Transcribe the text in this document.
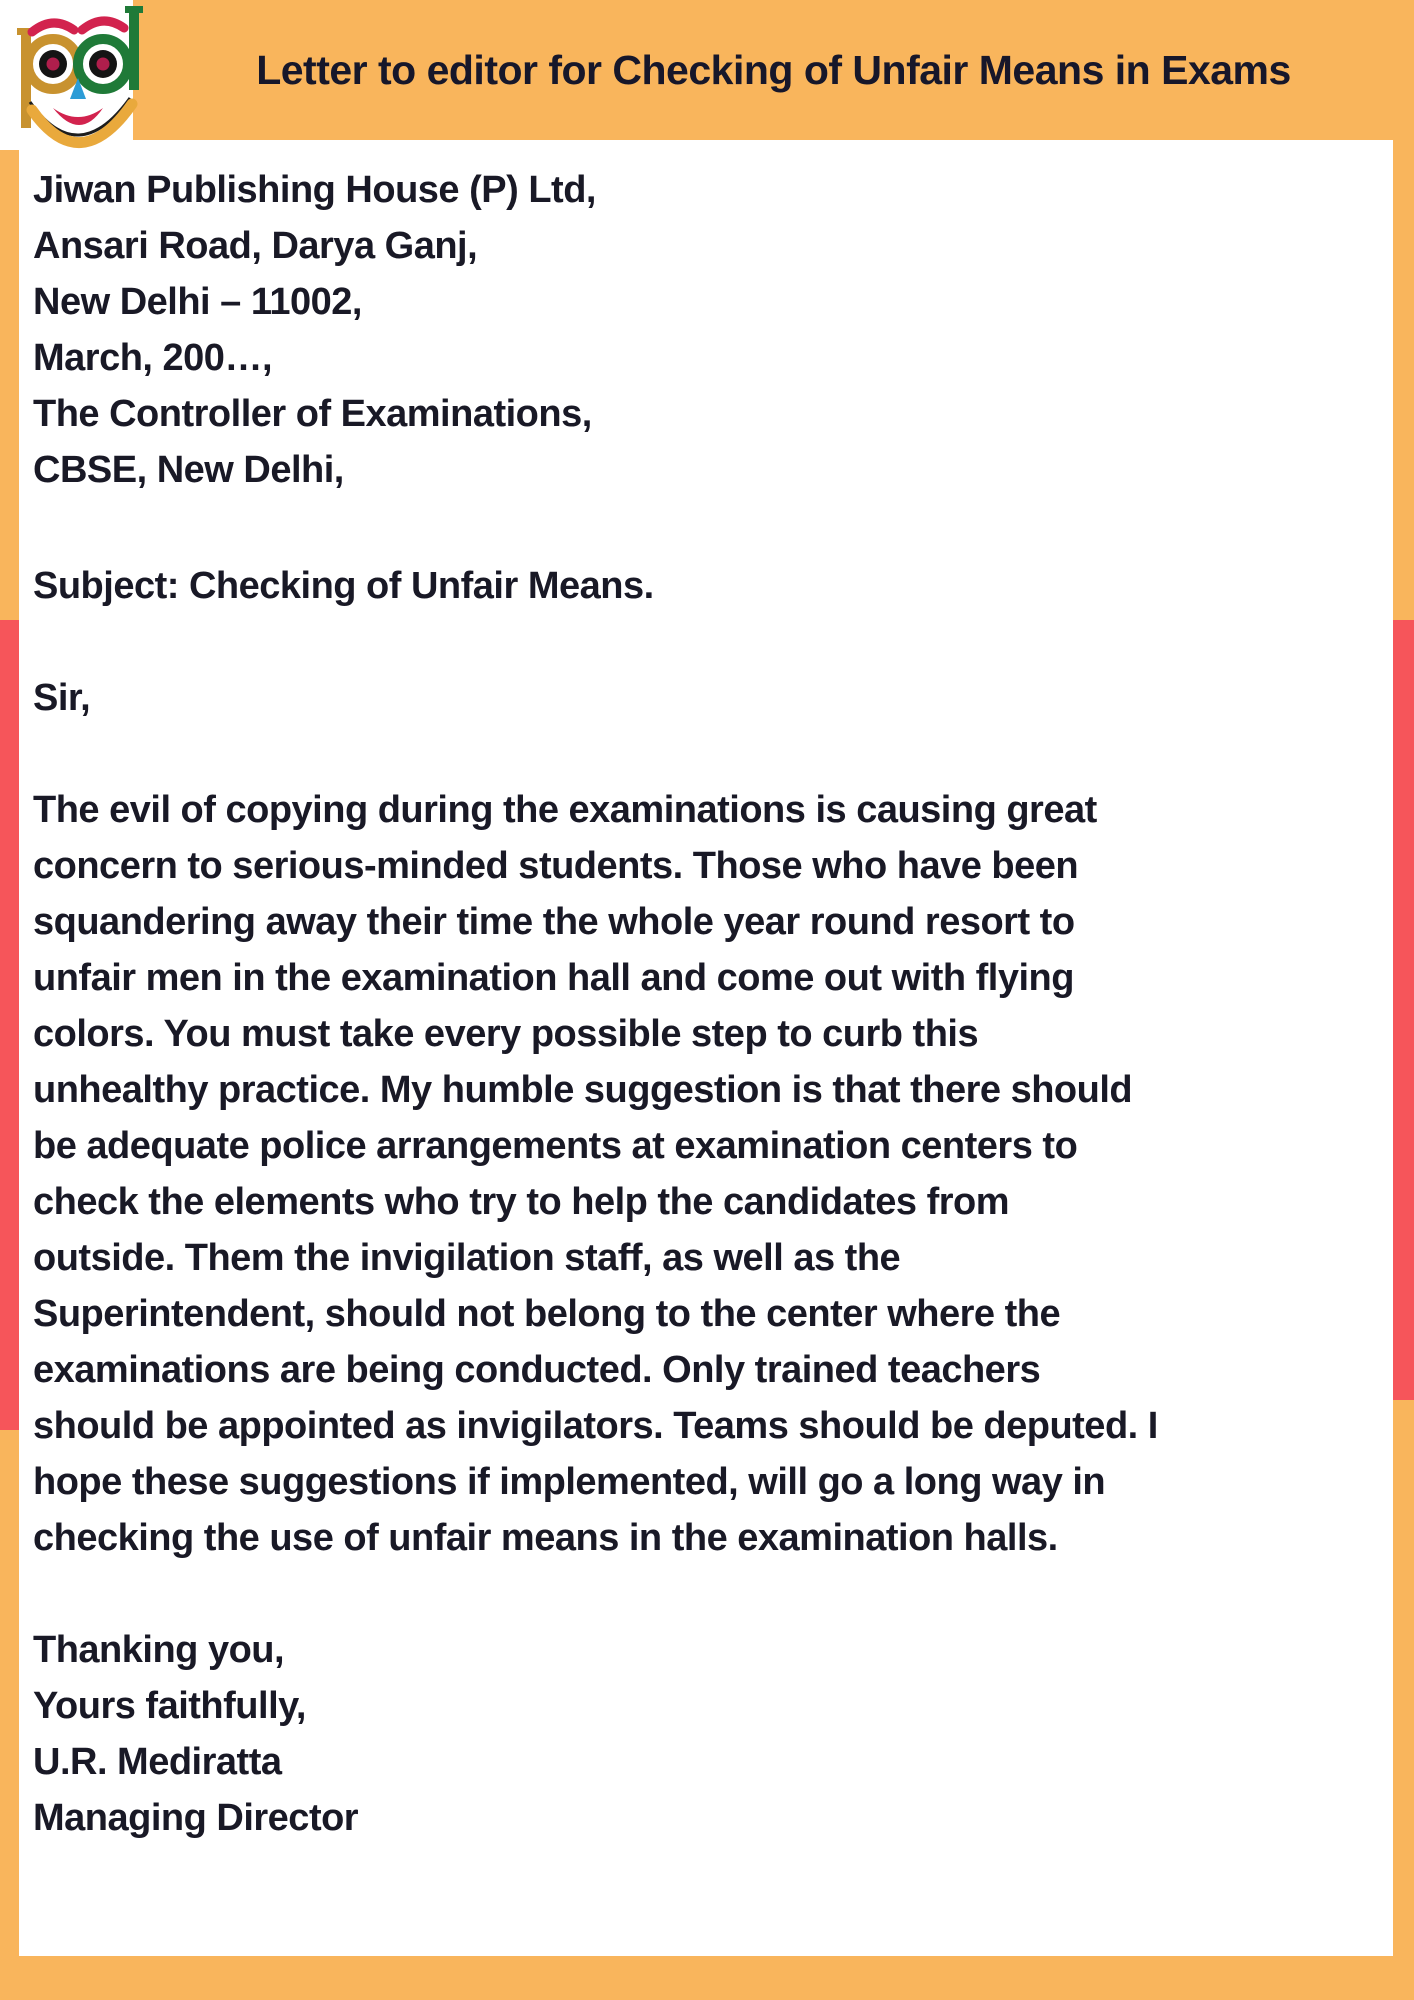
Letter to editor for Checking of Unfair Means in Exams
Jiwan Publishing House (P) Ltd,
Ansari Road, Darya Ganj,
New Delhi – 11002,
March, 200…,
The Controller of Examinations,
CBSE, New Delhi,
Subject: Checking of Unfair Means.
Sir,
The evil of copying during the examinations is causing great
concern to serious-minded students. Those who have been
squandering away their time the whole year round resort to
unfair men in the examination hall and come out with flying
colors. You must take every possible step to curb this
unhealthy practice. My humble suggestion is that there should
be adequate police arrangements at examination centers to
check the elements who try to help the candidates from
outside. Them the invigilation staff, as well as the
Superintendent, should not belong to the center where the
examinations are being conducted. Only trained teachers
should be appointed as invigilators. Teams should be deputed. I
hope these suggestions if implemented, will go a long way in
checking the use of unfair means in the examination halls.
Thanking you,
Yours faithfully,
U.R. Mediratta
Managing Director
